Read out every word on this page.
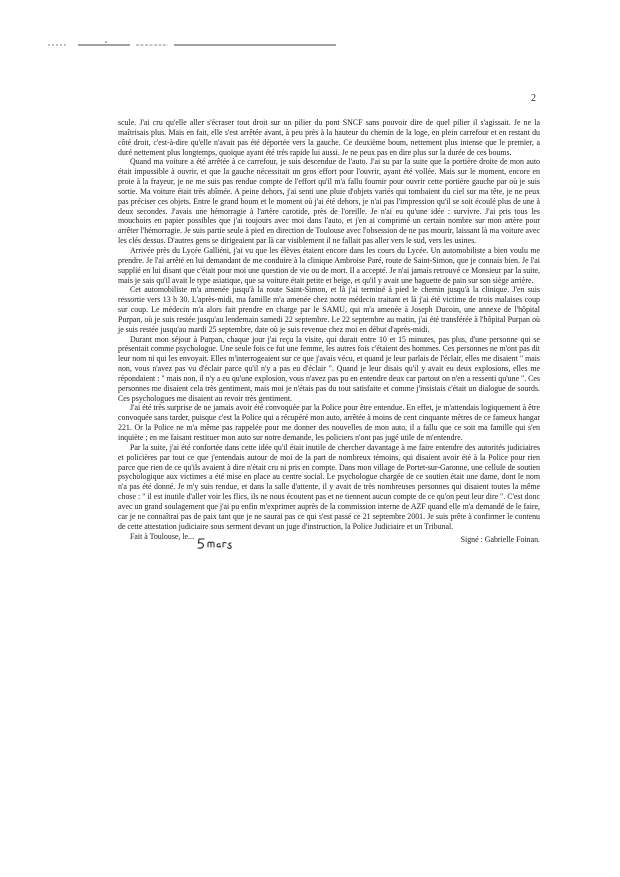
2

scule. J'ai cru qu'elle aller s'écraser tout droit sur un pilier du pont SNCF sans pouvoir dire de quel pilier il s'agissait. Je ne la maîtrisais plus. Mais en fait, elle s'est arrêtée avant, à peu près à la hauteur du chemin de la loge, en plein carrefour et en restant du côté droit, c'est-à-dire qu'elle n'avait pas été déportée vers la gauche. Ce deuxième boum, nettement plus intense que le premier, a duré nettement plus longtemps, quoique ayant été très rapide lui aussi. Je ne peux pas en dire plus sur la durée de ces boums.

Quand ma voiture a été arrêtée à ce carrefour, je suis descendue de l'auto. J'ai su par la suite que la portière droite de mon auto était impossible à ouvrir, et que la gauche nécessitait un gros effort pour l'ouvrir, ayant été vollée. Mais sur le moment, encore en proie à la frayeur, je ne me suis pas rendue compte de l'effort qu'il m'a fallu fournir pour ouvrir cette portière gauche par où je suis sortie. Ma voiture était très abîmée. A peine dehors, j'ai senti une pluie d'objets variés qui tombaient du ciel sur ma tête, je ne peux pas préciser ces objets. Entre le grand boum et le moment où j'ai été dehors, je n'ai pas l'impression qu'il se soit écoulé plus de une à deux secondes. J'avais une hémorragie à l'artère carotide, près de l'oreille. Je n'ai eu qu'une idée : survivre. J'ai pris tous les mouchoirs en papier possibles que j'ai toujours avec moi dans l'auto, et j'en ai comprimé un certain nombre sur mon artère pour arrêter l'hémorragie. Je suis partie seule à pied en direction de Toulouse avec l'obsession de ne pas mourir, laissant là ma voiture avec les clés dessus. D'autres gens se dirigeaient par là car visiblement il ne fallait pas aller vers le sud, vers les usines.

Arrivée près du Lycée Galliéni, j'ai vu que les élèves étaient encore dans les cours du Lycée. Un automobiliste a bien voulu me prendre. Je l'ai arrêté en lui demandant de me conduire à la clinique Ambroise Paré, route de Saint-Simon, que je connais bien. Je l'ai supplié en lui disant que c'était pour moi une question de vie ou de mort. Il a accepté. Je n'ai jamais retrouvé ce Monsieur par la suite, mais je sais qu'il avait le type asiatique, que sa voiture était petite et beige, et qu'il y avait une baguette de pain sur son siège arrière.

Cet automobiliste m'a amenée jusqu'à la route Saint-Simon, et là j'ai terminé à pied le chemin jusqu'à la clinique. J'en suis ressortie vers 13 h 30. L'après-midi, ma famille m'a amenée chez notre médecin traitant et là j'ai été victime de trois malaises coup sur coup. Le médecin m'a alors fait prendre en charge par le SAMU, qui m'a amenée à Joseph Ducoin, une annexe de l'hôpital Purpan, où je suis restée jusqu'au lendemain samedi 22 septembre. Le 22 septembre au matin, j'ai été transférée à l'hôpital Purpan où je suis restée jusqu'au mardi 25 septembre, date où je suis revenue chez moi en début d'après-midi.

Durant mon séjour à Purpan, chaque jour j'ai reçu la visite, qui durait entre 10 et 15 minutes, pas plus, d'une personne qui se présentait comme psychologue. Une seule fois ce fut une femme, les autres fois c'étaient des hommes. Ces personnes ne m'ont pas dit leur nom ni qui les envoyait. Elles m'interrogeaient sur ce que j'avais vécu, et quand je leur parlais de l'éclair, elles me disaient " mais non, vous n'avez pas vu d'éclair parce qu'il n'y a pas eu d'éclair ". Quand je leur disais qu'il y avait eu deux explosions, elles me répondaient : " mais non, il n'y a eu qu'une explosion, vous n'avez pas pu en entendre deux car partout on n'en a ressenti qu'une ". Ces personnes me disaient cela très gentiment, mais moi je n'étais pas du tout satisfaite et comme j'insistais c'était un dialogue de sourds. Ces psychologues me disaient au revoir très gentiment.

J'ai été très surprise de ne jamais avoir été convoquée par la Police pour être entendue. En effet, je m'attendais logiquement à être convoquée sans tarder, puisque c'est la Police qui a récupéré mon auto, arrêtée à moins de cent cinquante mètres de ce fameux hangar 221. Or la Police ne m'a même pas rappelée pour me donner des nouvelles de mon auto, il a fallu que ce soit ma famille qui s'en inquiète ; en me faisant restituer mon auto sur notre demande, les policiers n'ont pas jugé utile de m'entendre.

Par la suite, j'ai été confortée dans cette idée qu'il était inutile de chercher davantage à me faire entendre des autorités judiciaires et policières par tout ce que j'entendais autour de moi de la part de nombreux témoins, qui disaient avoir été à la Police pour rien parce que rien de ce qu'ils avaient à dire n'était cru ni pris en compte. Dans mon village de Portet-sur-Garonne, une cellule de soutien psychologique aux victimes a été mise en place au centre social. Le psychologue chargée de ce soutien était une dame, dont le nom n'a pas été donné. Je m'y suis rendue, et dans la salle d'attente, il y avait de très nombreuses personnes qui disaient toutes la même chose : " il est inutile d'aller voir les flics, ils ne nous écoutent pas et ne tiennent aucun compte de ce qu'on peut leur dire ". C'est donc avec un grand soulagement que j'ai pu enfin m'exprimer auprès de la commission interne de AZF quand elle m'a demandé de le faire, car je ne connaîtrai pas de paix tant que je ne saurai pas ce qui s'est passé ce 21 septembre 2001. Je suis prête à confirmer le contenu de cette attestation judiciaire sous serment devant un juge d'instruction, la Police Judiciaire et un Tribunal.

Fait à Toulouse, le...	Signé : Gabrielle Foinan.
